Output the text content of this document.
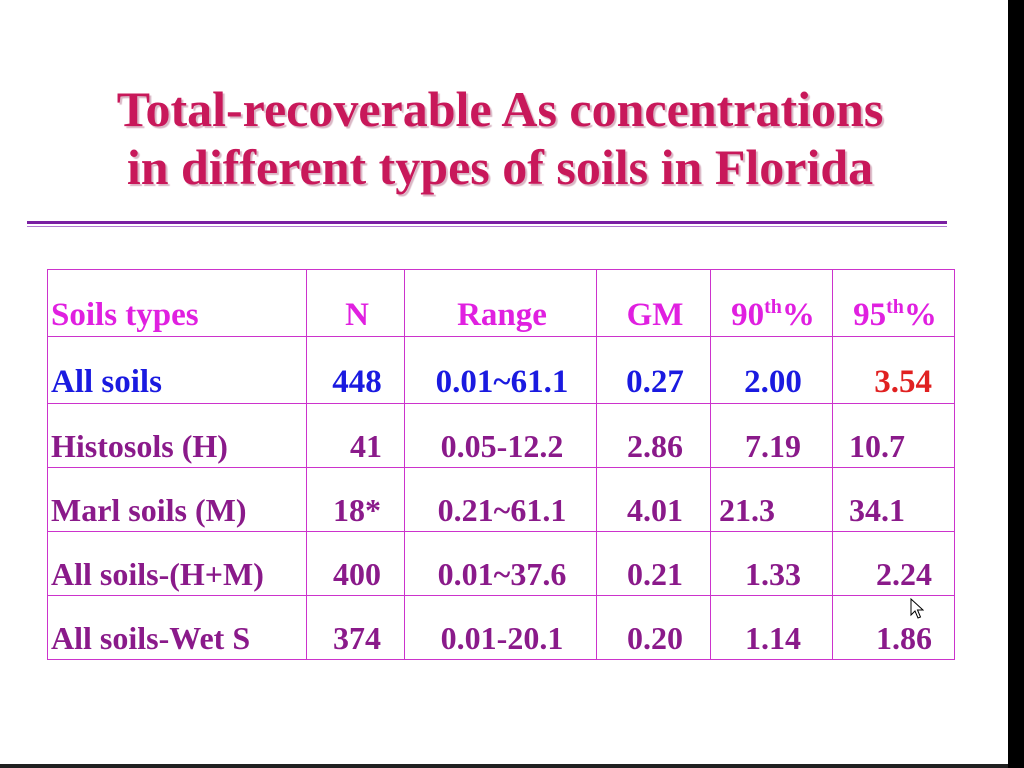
Total-recoverable As concentrations
in different types of soils in Florida
Soils types	N	Range	GM	90th%	95th%
All soils	448	0.01~61.1	0.27	2.00	3.54
Histosols (H)	41	0.05-12.2	2.86	7.19	10.7
Marl soils (M)	18*	0.21~61.1	4.01	21.3	34.1
All soils-(H+M)	400	0.01~37.6	0.21	1.33	2.24
All soils-Wet S	374	0.01-20.1	0.20	1.14	1.86
